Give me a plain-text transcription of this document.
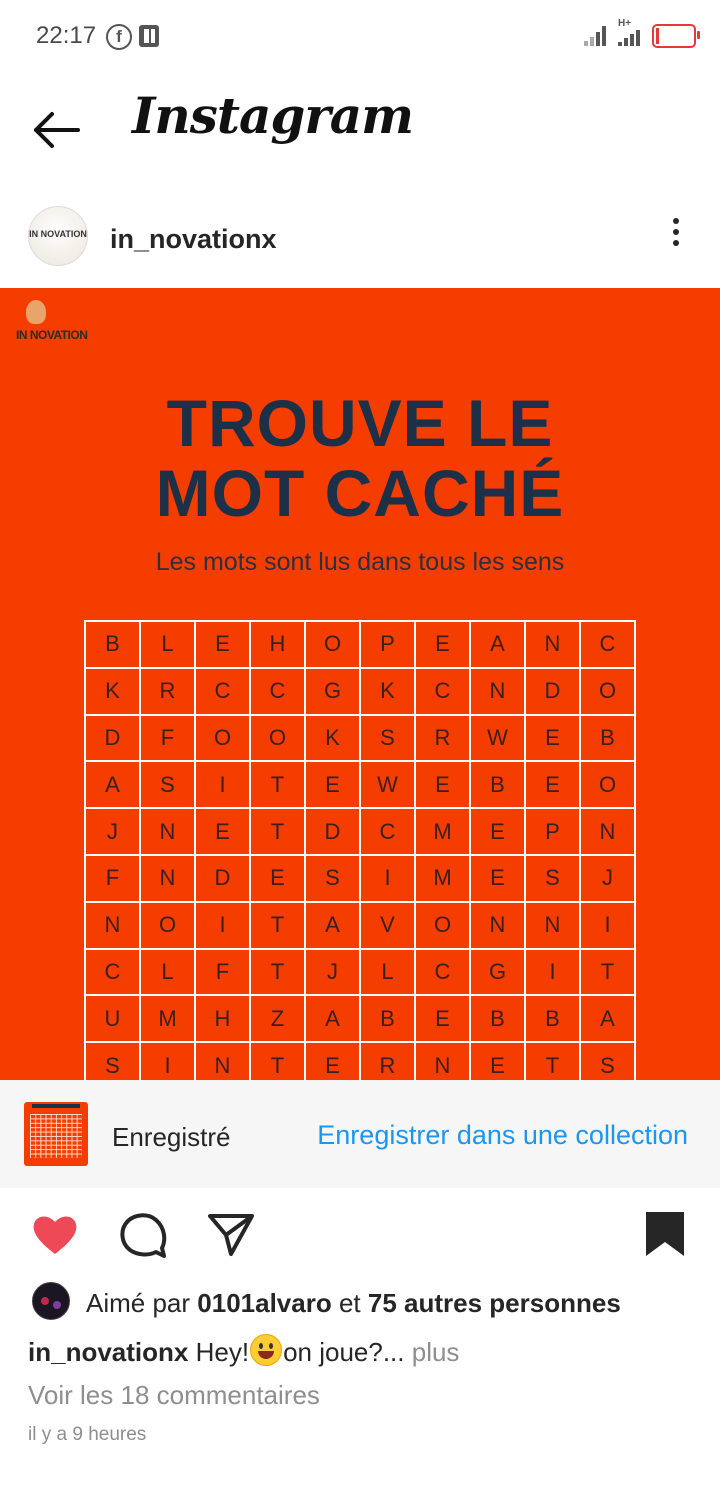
22:17	f
H+
Instagram
IN NOVATION in_novationx
IN NOVATION
TROUVE LE
MOT CACHÉ
Les mots sont lus dans tous les sens
B	L	E	H	O	P	E	A	N	C
K	R	C	C	G	K	C	N	D	O
D	F	O	O	K	S	R	W	E	B
A	S	I	T	E	W	E	B	E	O
J	N	E	T	D	C	M	E	P	N
F	N	D	E	S	I	M	E	S	J
N	O	I	T	A	V	O	N	N	I
C	L	F	T	J	L	C	G	I	T
U	M	H	Z	A	B	E	B	B	A
S	I	N	T	E	R	N	E	T	S
Enregistré	Enregistrer dans une collection
Aimé par 0101alvaro et 75 autres personnes
in_novationx Hey! on joue?... plus
Voir les 18 commentaires
il y a 9 heures
